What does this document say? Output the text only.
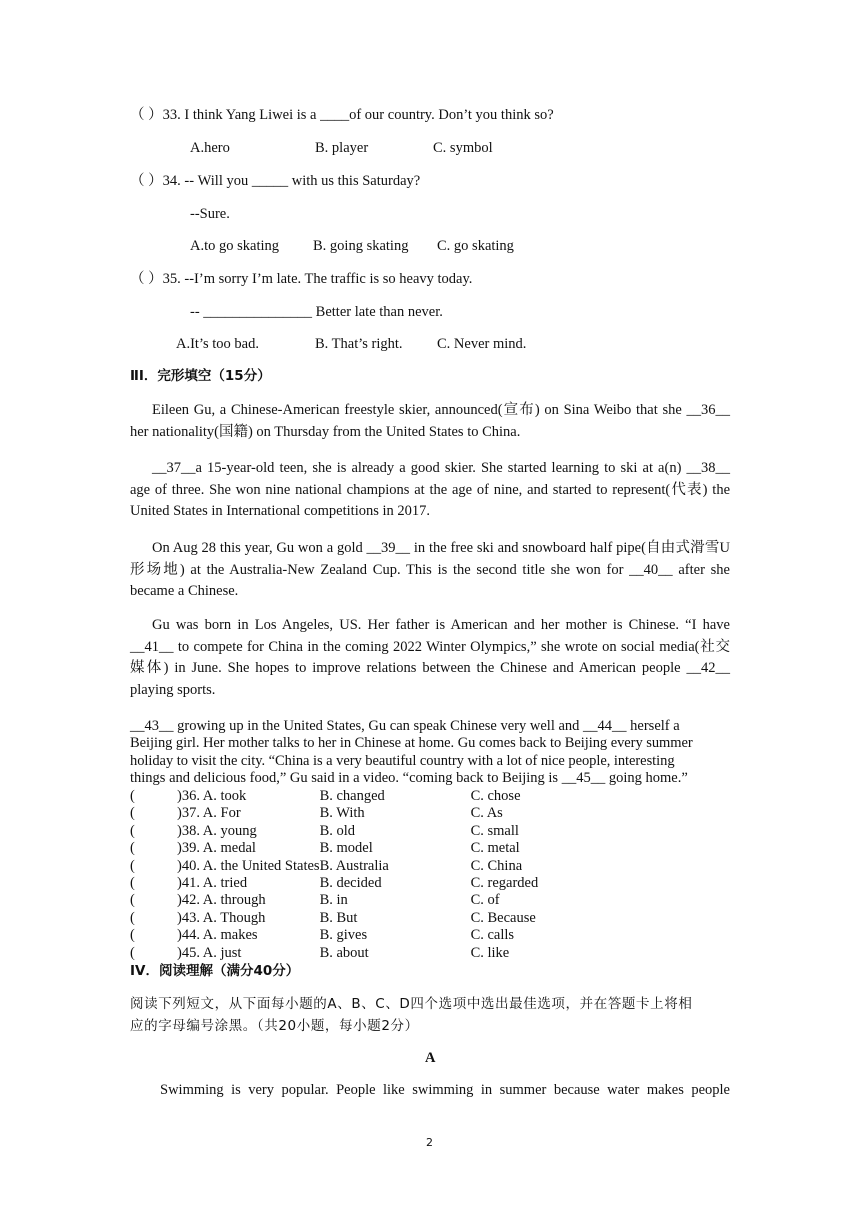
（ ）33. I think Yang Liwei is a ____of our country. Don’t you think so?
A.hero	B. player	C. symbol
（ ）34. -- Will you _____ with us this Saturday?
--Sure.
A.to go skating B. going skating C. go skating
（ ）35. --I’m sorry I’m late. The traffic is so heavy today.
-- _______________ Better late than never.
A.It’s too bad.	B. That’s right. C. Never mind.
ⅡI．完形填空（15分）
Eileen Gu, a Chinese-American freestyle skier, announced(宣布) on Sina Weibo that she __36__ her nationality(国籍) on Thursday from the United States to China.
__37__a 15-year-old teen, she is already a good skier. She started learning to ski at a(n) __38__ age of three. She won nine national champions at the age of nine, and started to represent(代表) the United States in International competitions in 2017.
On Aug 28 this year, Gu won a gold __39__ in the free ski and snowboard half pipe(自由式滑雪U形场地) at the Australia-New Zealand Cup. This is the second title she won for __40__ after she became a Chinese.
Gu was born in Los Angeles, US. Her father is American and her mother is Chinese. “I have __41__ to compete for China in the coming 2022 Winter Olympics,” she wrote on social media(社交媒体) in June. She hopes to improve relations between the Chinese and American people __42__ playing sports.
__43__ growing up in the United States, Gu can speak Chinese very well and __44__ herself a
Beijing girl. Her mother talks to her in Chinese at home. Gu comes back to Beijing every summer
holiday to visit the city. “China is a very beautiful country with a lot of nice people, interesting
things and delicious food,” Gu said in a video. “coming back to Beijing is __45__ going home.”
(	)36. A. took	B. changed	C. chose
(	)37. A. For	B. With	C. As
(	)38. A. young	B. old	C. small
(	)39. A. medal	B. model	C. metal
(	)40. A. the United States	B. Australia	C. China
(	)41. A. tried	B. decided	C. regarded
(	)42. A. through	B. in	C. of
(	)43. A. Though	B. But	C. Because
(	)44. A. makes	B. gives	C. calls
(	)45. A. just	B. about	C. like
IV．阅读理解（满分40分）
阅读下列短文，从下面每小题的A、B、C、D四个选项中选出最佳选项，并在答题卡上将相
应的字母编号涂黑。（共20小题，每小题2分）
A
Swimming is very popular. People like swimming in summer because water makes people
2
